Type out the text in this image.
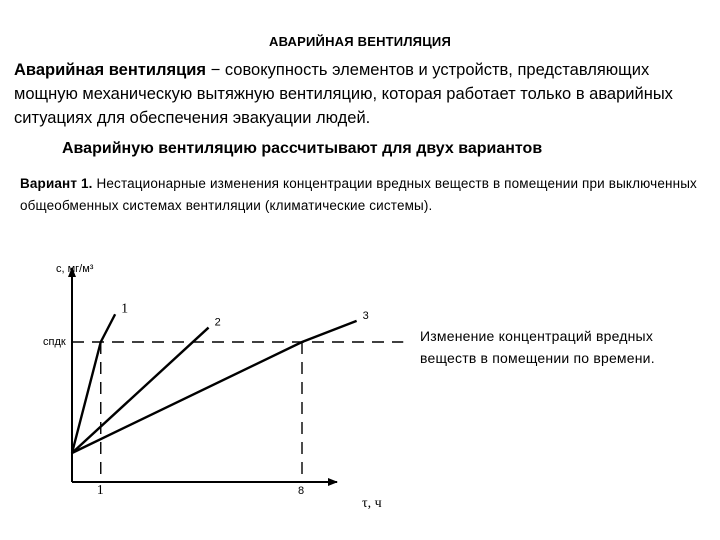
АВАРИЙНАЯ ВЕНТИЛЯЦИЯ
Аварийная вентиляция − совокупность элементов и устройств, представляющих мощную механическую вытяжную вентиляцию, которая работает только в аварийных ситуациях для обеспечения эвакуации людей.
Аварийную вентиляцию рассчитывают для двух вариантов
Вариант 1. Нестационарные изменения концентрации вредных веществ в помещении при выключенных общеобменных системах вентиляции (климатические системы).
c, мг/м³
τ, ч
cпдк
1	8
1
2
3
Изменение концентраций вредных веществ в помещении по времени.
